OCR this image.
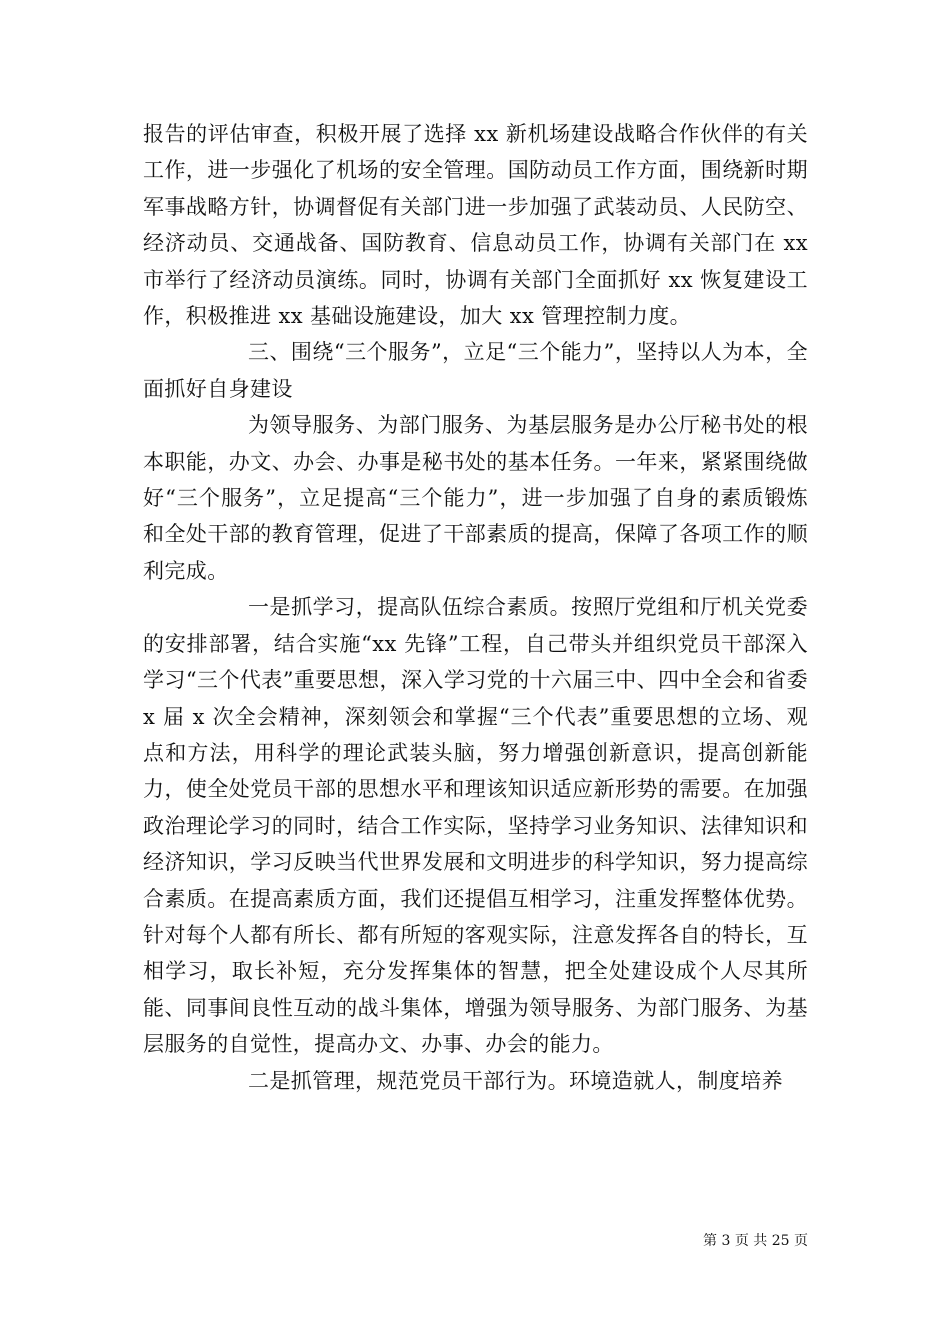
报告的评估审查，积极开展了选择 xx 新机场建设战略合作伙伴的有关工作，进一步强化了机场的安全管理。国防动员工作方面，围绕新时期军事战略方针，协调督促有关部门进一步加强了武装动员、人民防空、经济动员、交通战备、国防教育、信息动员工作，协调有关部门在 xx 市举行了经济动员演练。同时，协调有关部门全面抓好 xx 恢复建设工作，积极推进 xx 基础设施建设，加大 xx 管理控制力度。

三、围绕“三个服务”，立足“三个能力”，坚持以人为本，全面抓好自身建设

为领导服务、为部门服务、为基层服务是办公厅秘书处的根本职能，办文、办会、办事是秘书处的基本任务。一年来，紧紧围绕做好“三个服务”，立足提高“三个能力”，进一步加强了自身的素质锻炼和全处干部的教育管理，促进了干部素质的提高，保障了各项工作的顺利完成。

一是抓学习，提高队伍综合素质。按照厅党组和厅机关党委的安排部署，结合实施“xx 先锋”工程，自己带头并组织党员干部深入学习“三个代表”重要思想，深入学习党的十六届三中、四中全会和省委 x 届 x 次全会精神，深刻领会和掌握“三个代表”重要思想的立场、观点和方法，用科学的理论武装头脑，努力增强创新意识，提高创新能力，使全处党员干部的思想水平和理该知识适应新形势的需要。在加强政治理论学习的同时，结合工作实际，坚持学习业务知识、法律知识和经济知识，学习反映当代世界发展和文明进步的科学知识，努力提高综合素质。在提高素质方面，我们还提倡互相学习，注重发挥整体优势。针对每个人都有所长、都有所短的客观实际，注意发挥各自的特长，互相学习，取长补短，充分发挥集体的智慧，把全处建设成个人尽其所能、同事间良性互动的战斗集体，增强为领导服务、为部门服务、为基层服务的自觉性，提高办文、办事、办会的能力。

二是抓管理，规范党员干部行为。环境造就人，制度培养

第 3 页 共 25 页
